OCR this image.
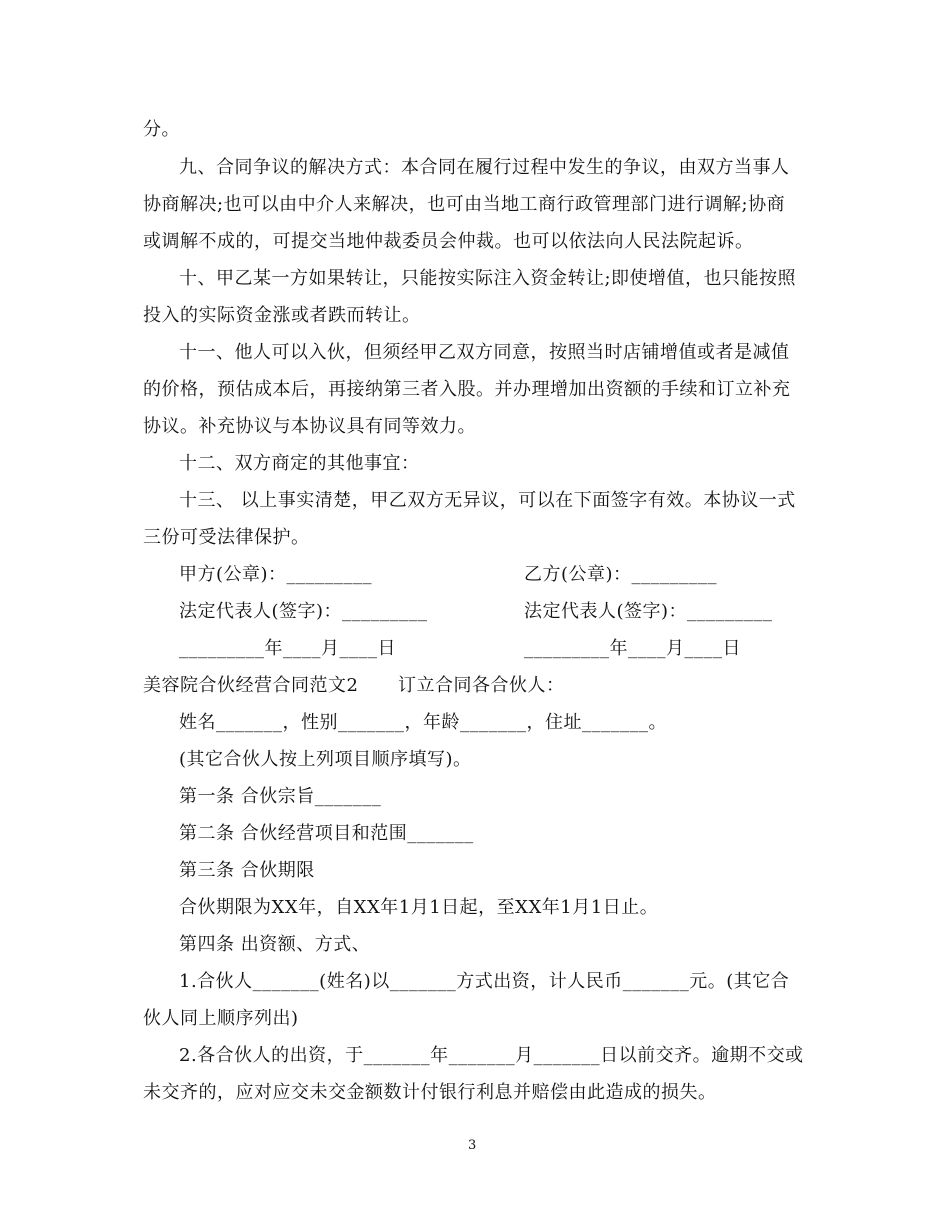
分。
九、合同争议的解决方式：本合同在履行过程中发生的争议，由双方当事人
协商解决;也可以由中介人来解决，也可由当地工商行政管理部门进行调解;协商
或调解不成的，可提交当地仲裁委员会仲裁。也可以依法向人民法院起诉。
十、甲乙某一方如果转让，只能按实际注入资金转让;即使增值，也只能按照
投入的实际资金涨或者跌而转让。
十一、他人可以入伙，但须经甲乙双方同意，按照当时店铺增值或者是减值
的价格，预估成本后，再接纳第三者入股。并办理增加出资额的手续和订立补充
协议。补充协议与本协议具有同等效力。
十二、双方商定的其他事宜：
十三、 以上事实清楚，甲乙双方无异议，可以在下面签字有效。本协议一式
三份可受法律保护。
甲方(公章)：_________	乙方(公章)：_________
法定代表人(签字)：_________	法定代表人(签字)：_________
_________年____月____日	_________年____月____日
美容院合伙经营合同范文2 订立合同各合伙人：
姓名_______，性别_______，年龄_______，住址_______。
(其它合伙人按上列项目顺序填写)。
第一条 合伙宗旨_______
第二条 合伙经营项目和范围_______
第三条 合伙期限
合伙期限为XX年，自XX年1月1日起，至XX年1月1日止。
第四条 出资额、方式、
1.合伙人_______(姓名)以_______方式出资，计人民币_______元。(其它合
伙人同上顺序列出)
2.各合伙人的出资，于_______年_______月_______日以前交齐。逾期不交或
未交齐的，应对应交未交金额数计付银行利息并赔偿由此造成的损失。
3
